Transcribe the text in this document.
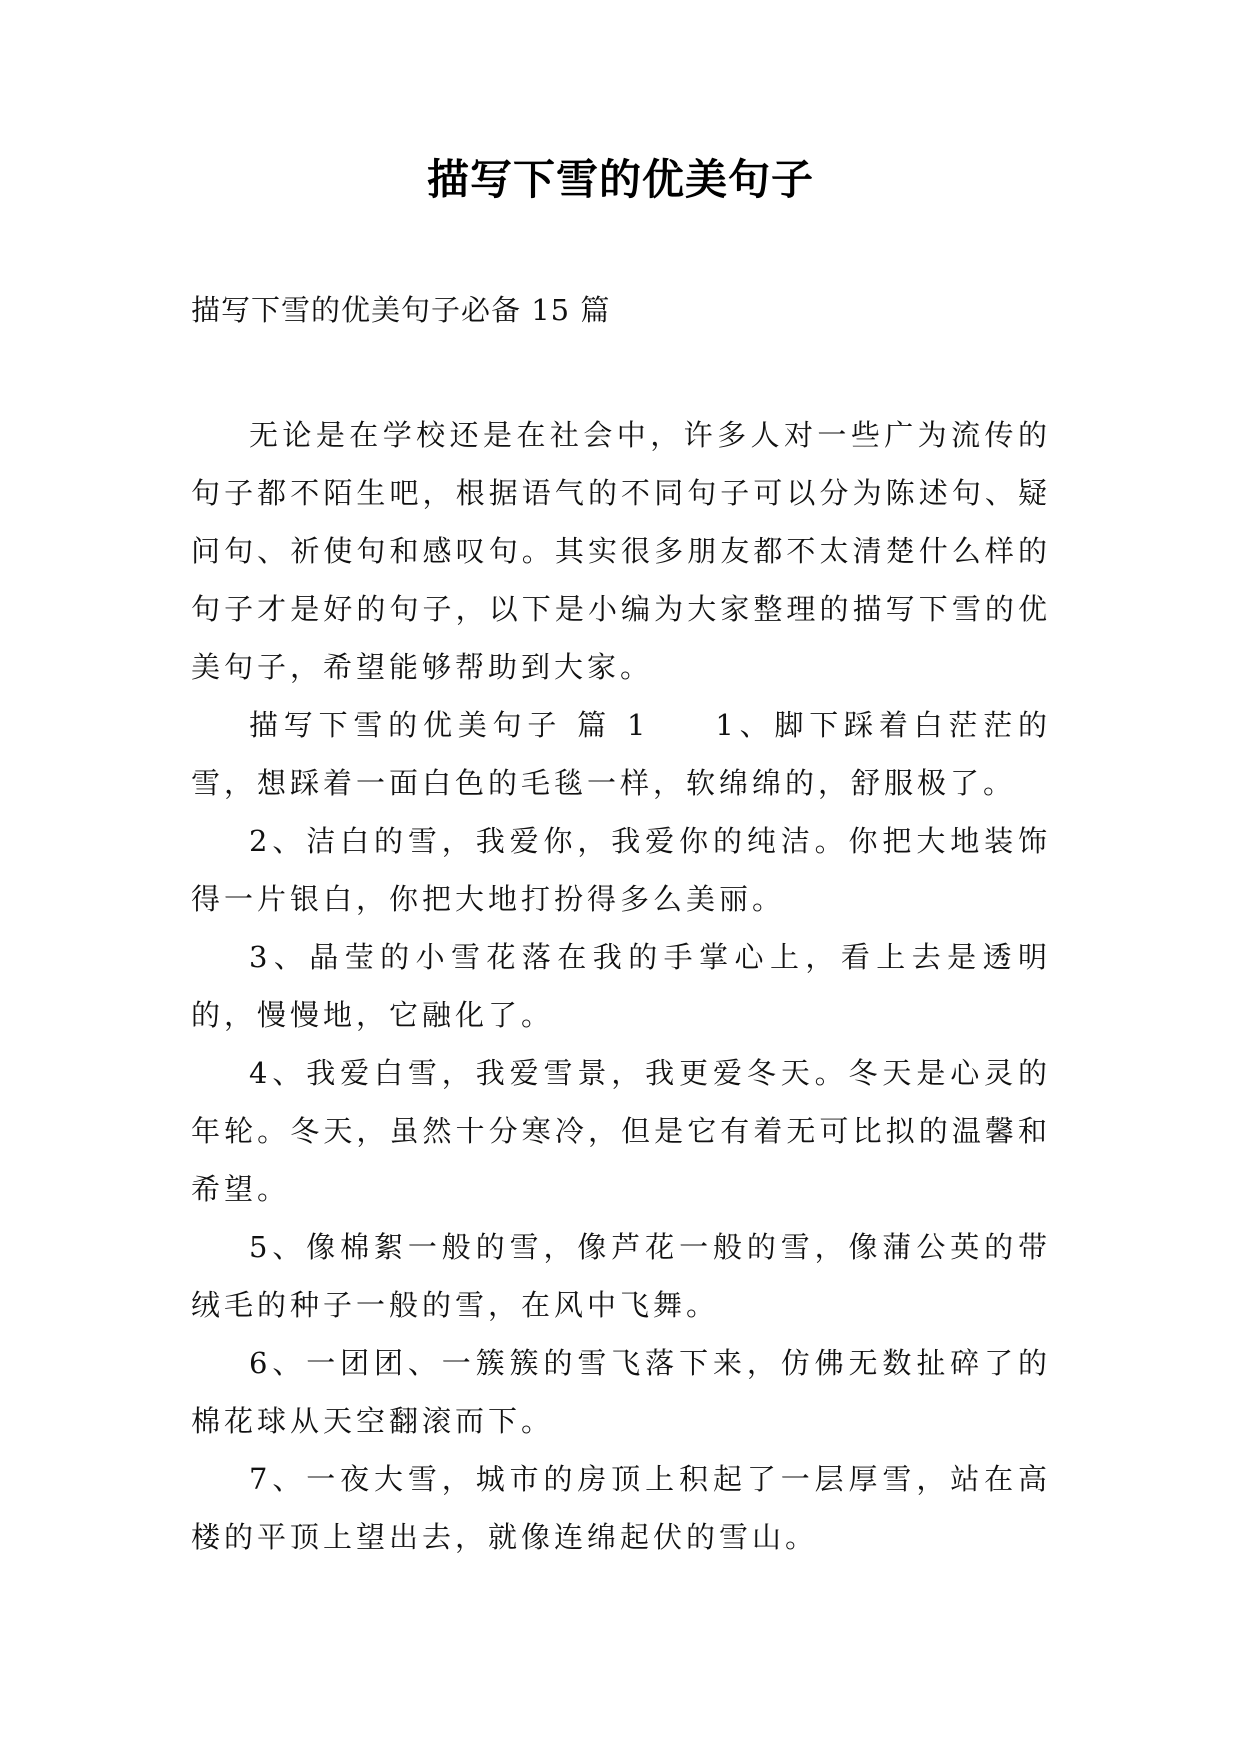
描写下雪的优美句子
描写下雪的优美句子必备 15 篇

无论是在学校还是在社会中，许多人对一些广为流传的句子都不陌生吧，根据语气的不同句子可以分为陈述句、疑问句、祈使句和感叹句。其实很多朋友都不太清楚什么样的句子才是好的句子，以下是小编为大家整理的描写下雪的优美句子，希望能够帮助到大家。

描写下雪的优美句子 篇 1 1、脚下踩着白茫茫的雪，想踩着一面白色的毛毯一样，软绵绵的，舒服极了。

2、洁白的雪，我爱你，我爱你的纯洁。你把大地装饰得一片银白，你把大地打扮得多么美丽。

3、晶莹的小雪花落在我的手掌心上，看上去是透明的，慢慢地，它融化了。

4、我爱白雪，我爱雪景，我更爱冬天。冬天是心灵的年轮。冬天，虽然十分寒冷，但是它有着无可比拟的温馨和希望。

5、像棉絮一般的雪，像芦花一般的雪，像蒲公英的带绒毛的种子一般的雪，在风中飞舞。

6、一团团、一簇簇的雪飞落下来，仿佛无数扯碎了的棉花球从天空翻滚而下。

7、一夜大雪，城市的房顶上积起了一层厚雪，站在高楼的平顶上望出去，就像连绵起伏的雪山。
